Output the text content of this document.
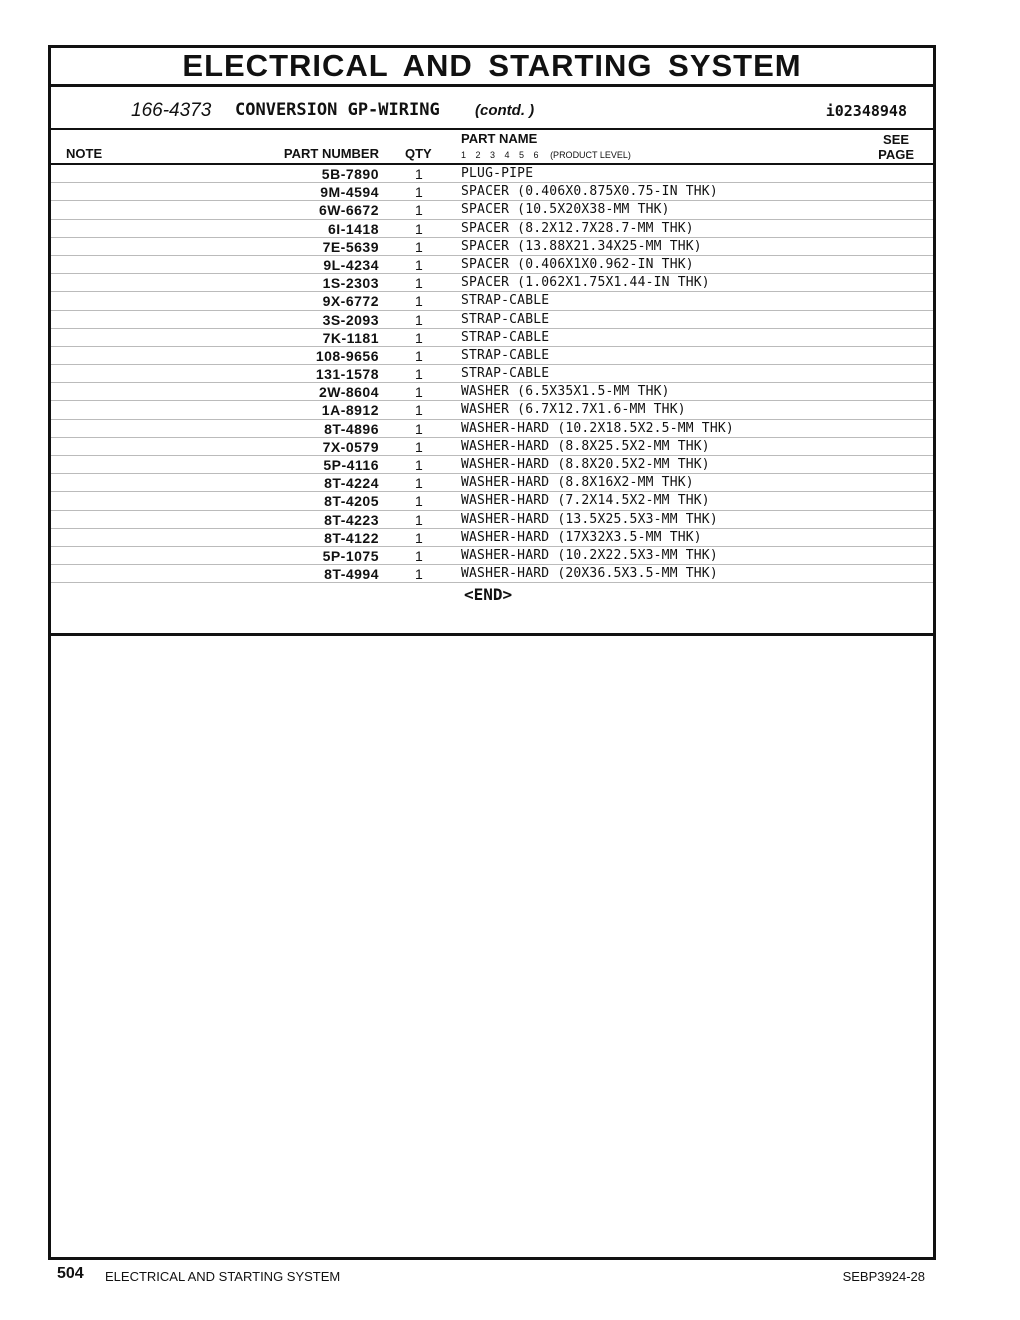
ELECTRICAL AND STARTING SYSTEM
166-4373 CONVERSION GP-WIRING (contd. )	i02348948
NOTE	PART NUMBER QTY
PART NAME
1 2 3 4 5 6 (PRODUCT LEVEL)
SEE
PAGE
5B-7890	1	PLUG-PIPE
9M-4594	1	SPACER (0.406X0.875X0.75-IN THK)
6W-6672	1	SPACER (10.5X20X38-MM THK)
6I-1418	1	SPACER (8.2X12.7X28.7-MM THK)
7E-5639	1	SPACER (13.88X21.34X25-MM THK)
9L-4234	1	SPACER (0.406X1X0.962-IN THK)
1S-2303	1	SPACER (1.062X1.75X1.44-IN THK)
9X-6772	1	STRAP-CABLE
3S-2093	1	STRAP-CABLE
7K-1181	1	STRAP-CABLE
108-9656	1	STRAP-CABLE
131-1578	1	STRAP-CABLE
2W-8604	1	WASHER (6.5X35X1.5-MM THK)
1A-8912	1	WASHER (6.7X12.7X1.6-MM THK)
8T-4896	1	WASHER-HARD (10.2X18.5X2.5-MM THK)
7X-0579	1	WASHER-HARD (8.8X25.5X2-MM THK)
5P-4116	1	WASHER-HARD (8.8X20.5X2-MM THK)
8T-4224	1	WASHER-HARD (8.8X16X2-MM THK)
8T-4205	1	WASHER-HARD (7.2X14.5X2-MM THK)
8T-4223	1	WASHER-HARD (13.5X25.5X3-MM THK)
8T-4122	1	WASHER-HARD (17X32X3.5-MM THK)
5P-1075	1	WASHER-HARD (10.2X22.5X3-MM THK)
8T-4994	1	WASHER-HARD (20X36.5X3.5-MM THK)
<END>
504 ELECTRICAL AND STARTING SYSTEM	SEBP3924-28
